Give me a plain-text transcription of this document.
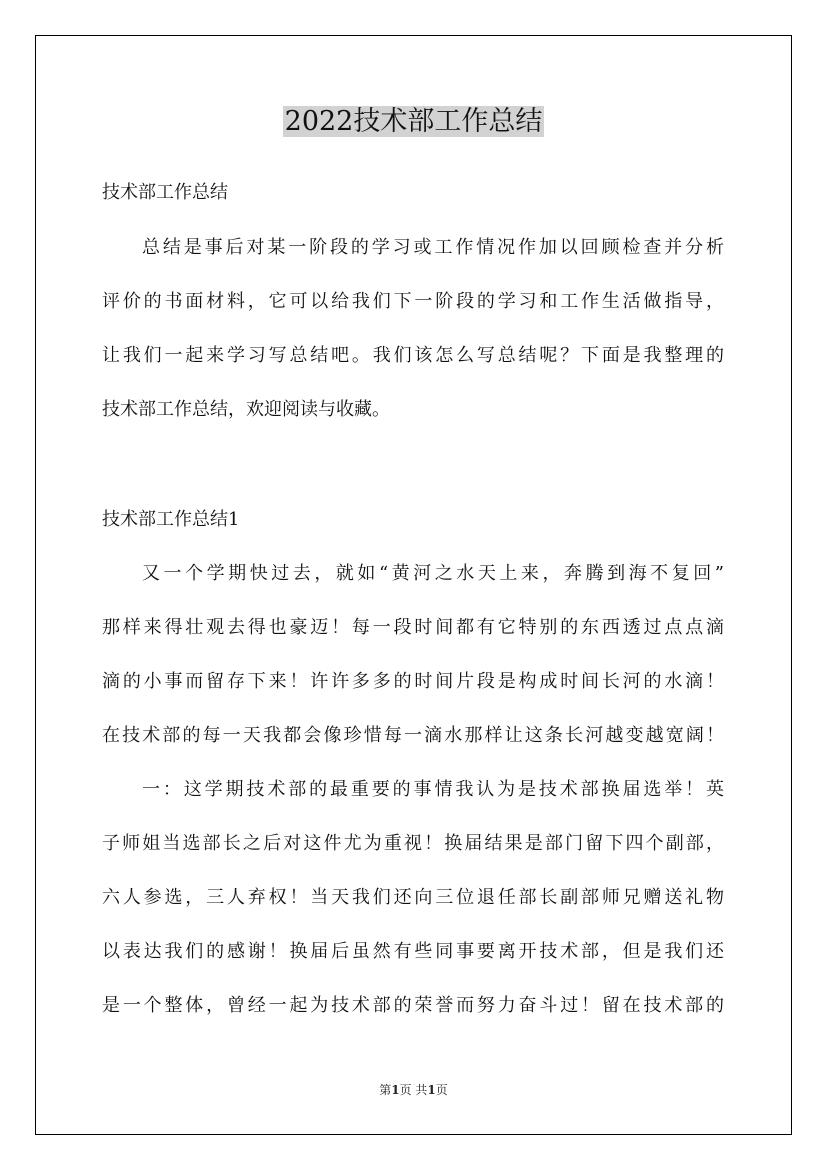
2022技术部工作总结
技术部工作总结
总结是事后对某一阶段的学习或工作情况作加以回顾检查并分析
评价的书面材料，它可以给我们下一阶段的学习和工作生活做指导，
让我们一起来学习写总结吧。我们该怎么写总结呢？下面是我整理的
技术部工作总结，欢迎阅读与收藏。
技术部工作总结1
又一个学期快过去，就如“黄河之水天上来，奔腾到海不复回”
那样来得壮观去得也豪迈！每一段时间都有它特别的东西透过点点滴
滴的小事而留存下来！许许多多的时间片段是构成时间长河的水滴！
在技术部的每一天我都会像珍惜每一滴水那样让这条长河越变越宽阔！
一：这学期技术部的最重要的事情我认为是技术部换届选举！英
子师姐当选部长之后对这件尤为重视！换届结果是部门留下四个副部，
六人参选，三人弃权！当天我们还向三位退任部长副部师兄赠送礼物
以表达我们的感谢！换届后虽然有些同事要离开技术部，但是我们还
是一个整体，曾经一起为技术部的荣誉而努力奋斗过！留在技术部的
第1页 共1页
